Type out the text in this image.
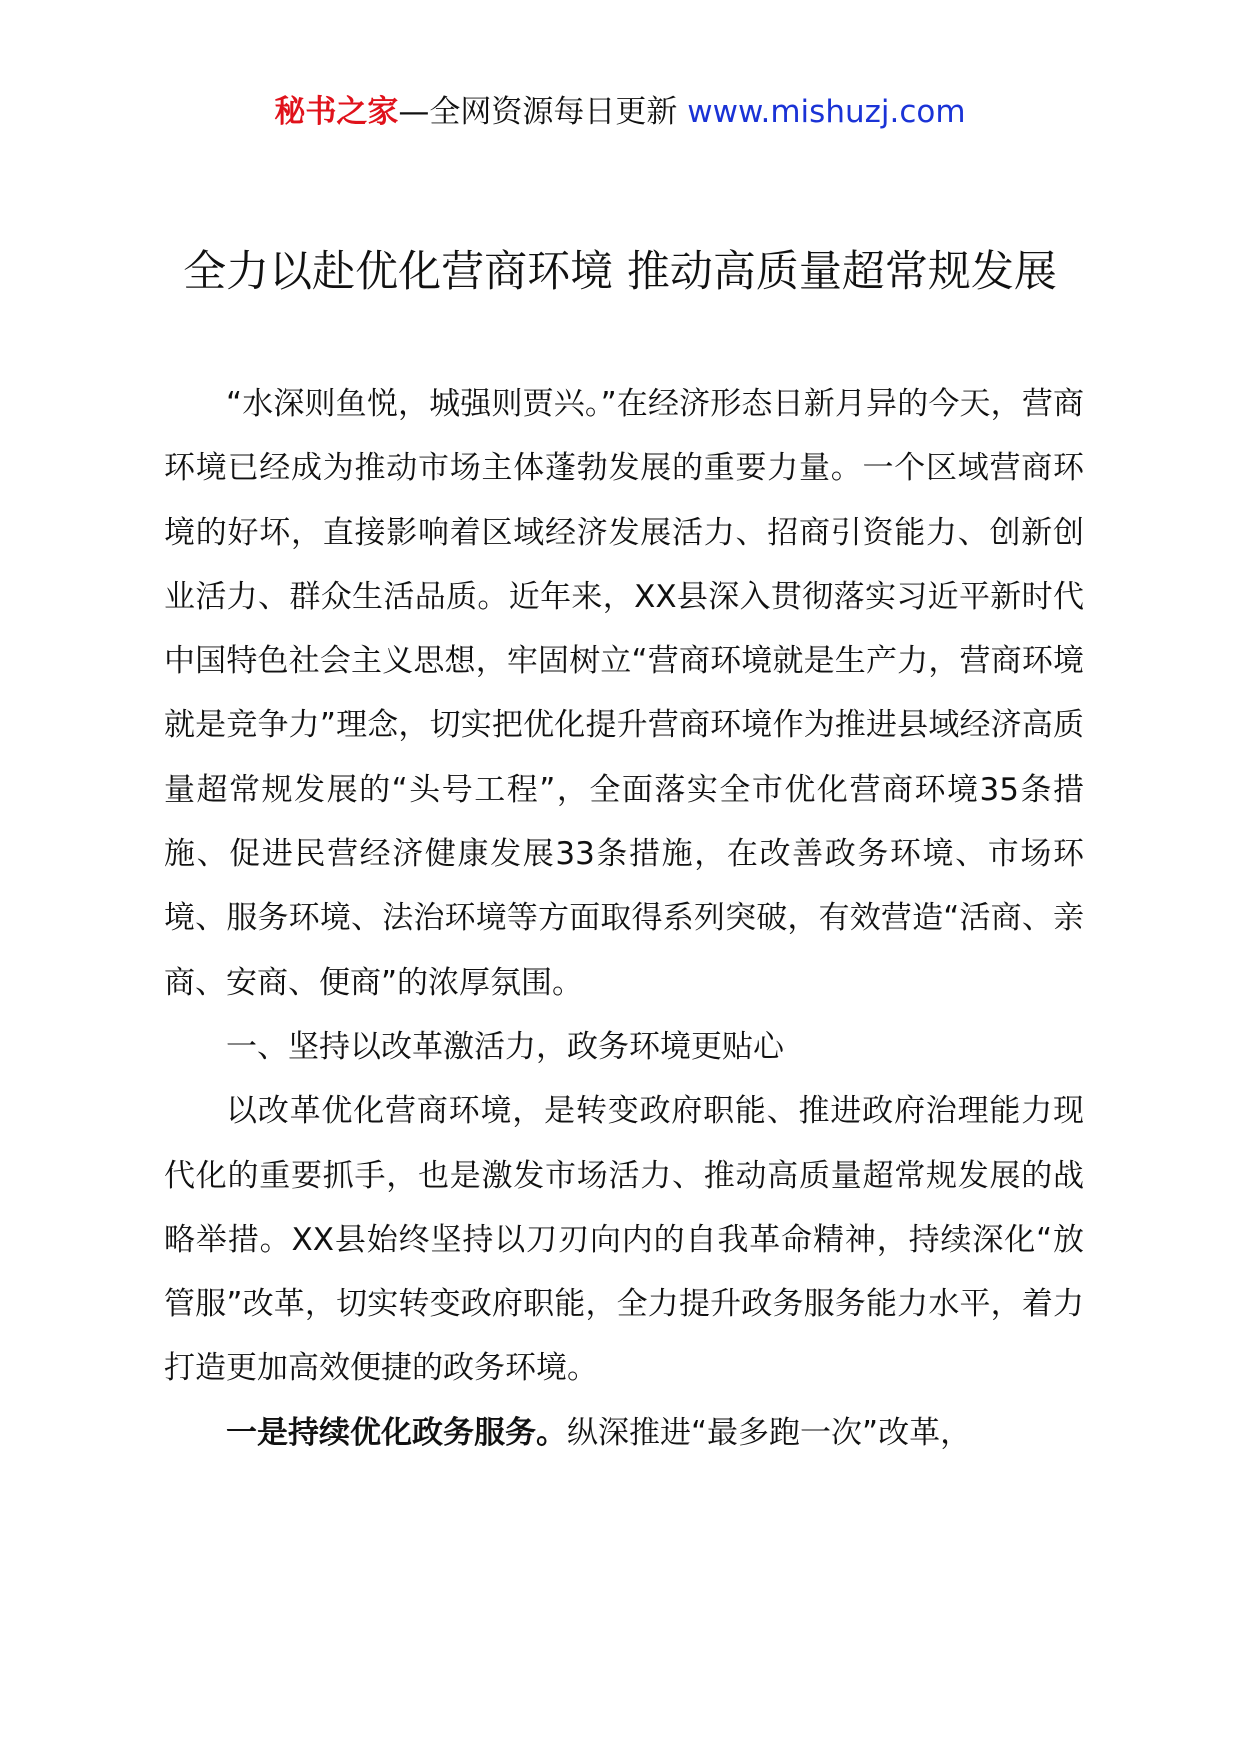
秘书之家—全网资源每日更新 www.mishuzj.com
全力以赴优化营商环境 推动高质量超常规发展

“水深则鱼悦，城强则贾兴。”在经济形态日新月异的今天，营商环境已经成为推动市场主体蓬勃发展的重要力量。一个区域营商环境的好坏，直接影响着区域经济发展活力、招商引资能力、创新创业活力、群众生活品质。近年来，XX县深入贯彻落实习近平新时代中国特色社会主义思想，牢固树立“营商环境就是生产力，营商环境就是竞争力”理念，切实把优化提升营商环境作为推进县域经济高质量超常规发展的“头号工程”，全面落实全市优化营商环境35条措施、促进民营经济健康发展33条措施，在改善政务环境、市场环境、服务环境、法治环境等方面取得系列突破，有效营造“活商、亲商、安商、便商”的浓厚氛围。

一、坚持以改革激活力，政务环境更贴心

以改革优化营商环境，是转变政府职能、推进政府治理能力现代化的重要抓手，也是激发市场活力、推动高质量超常规发展的战略举措。XX县始终坚持以刀刃向内的自我革命精神，持续深化“放管服”改革，切实转变政府职能，全力提升政务服务能力水平，着力打造更加高效便捷的政务环境。

一是持续优化政务服务。纵深推进“最多跑一次”改革，
